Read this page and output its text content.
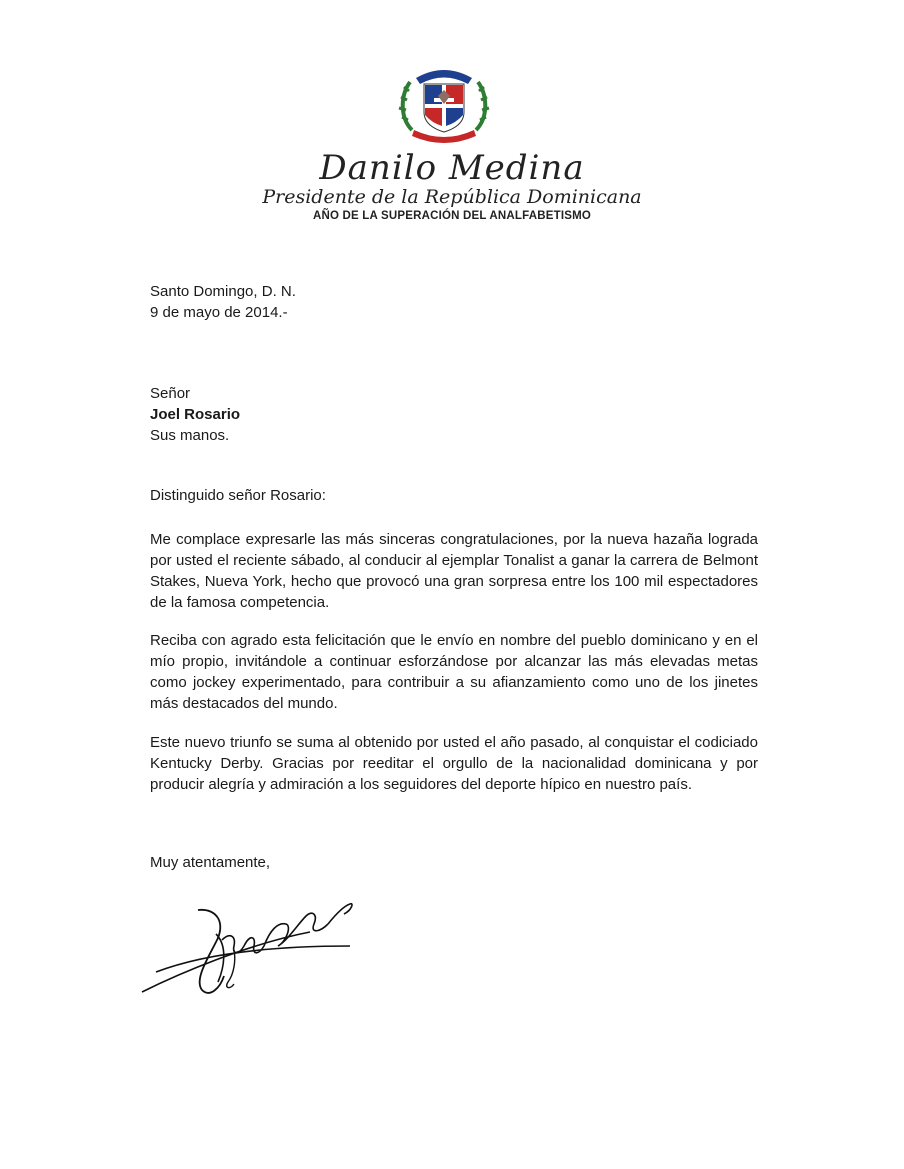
Danilo Medina
Presidente de la República Dominicana
AÑO DE LA SUPERACIÓN DEL ANALFABETISMO

Santo Domingo, D. N.

9 de mayo de 2014.-

Señor

Joel Rosario

Sus manos.

Distinguido señor Rosario:

Me complace expresarle las más sinceras congratulaciones, por la nueva hazaña lograda por usted el reciente sábado, al conducir al ejemplar Tonalist a ganar la carrera de Belmont Stakes, Nueva York, hecho que provocó una gran sorpresa entre los 100 mil espectadores de la famosa competencia.

Reciba con agrado esta felicitación que le envío en nombre del pueblo dominicano y en el mío propio, invitándole a continuar esforzándose por alcanzar las más elevadas metas como jockey experimentado, para contribuir a su afianzamiento como uno de los jinetes más destacados del mundo.

Este nuevo triunfo se suma al obtenido por usted el año pasado, al conquistar el codiciado Kentucky Derby. Gracias por reeditar el orgullo de la nacionalidad dominicana y por producir alegría y admiración a los seguidores del deporte hípico en nuestro país.

Muy atentamente,
